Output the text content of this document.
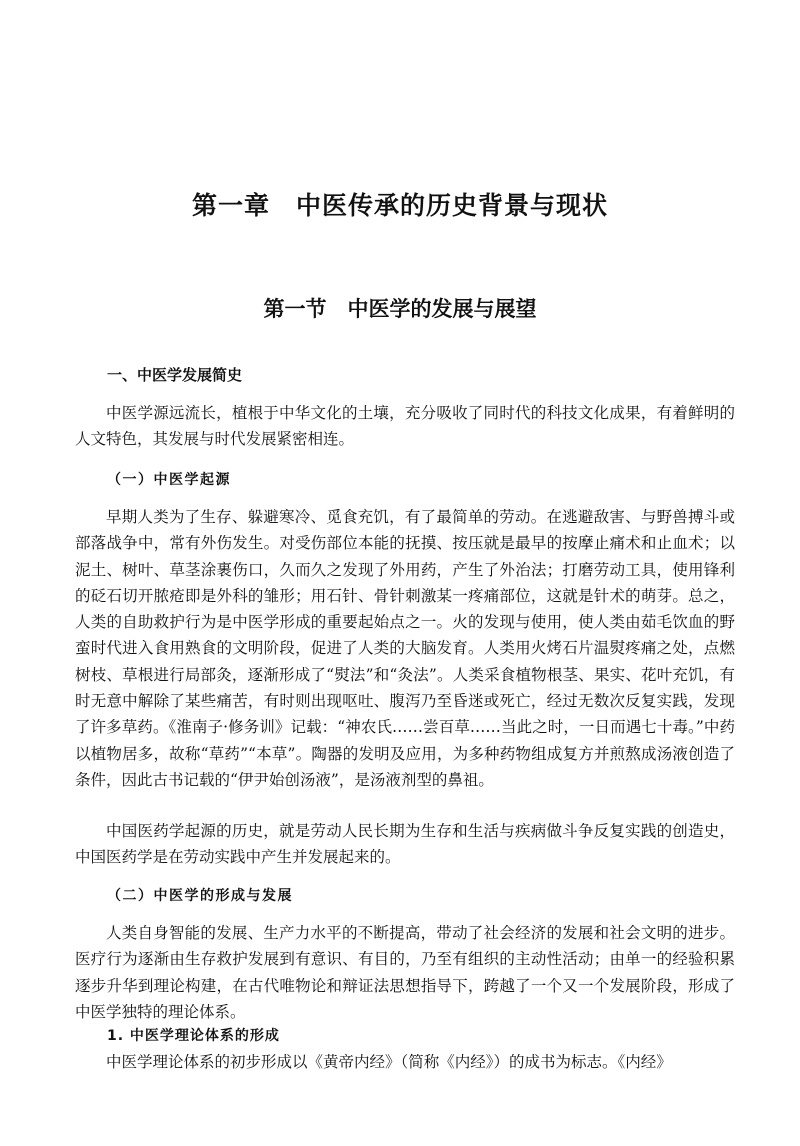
第一章　中医传承的历史背景与现状
第一节　中医学的发展与展望
一、中医学发展简史

中医学源远流长，植根于中华文化的土壤，充分吸收了同时代的科技文化成果，有着鲜明的人文特色，其发展与时代发展紧密相连。

（一）中医学起源

早期人类为了生存、躲避寒冷、觅食充饥，有了最简单的劳动。在逃避敌害、与野兽搏斗或部落战争中，常有外伤发生。对受伤部位本能的抚摸、按压就是最早的按摩止痛术和止血术；以泥土、树叶、草茎涂裹伤口，久而久之发现了外用药，产生了外治法；打磨劳动工具，使用锋利的砭石切开脓疮即是外科的雏形；用石针、骨针刺激某一疼痛部位，这就是针术的萌芽。总之，人类的自助救护行为是中医学形成的重要起始点之一。火的发现与使用，使人类由茹毛饮血的野蛮时代进入食用熟食的文明阶段，促进了人类的大脑发育。人类用火烤石片温熨疼痛之处，点燃树枝、草根进行局部灸，逐渐形成了“熨法”和“灸法”。人类采食植物根茎、果实、花叶充饥，有时无意中解除了某些痛苦，有时则出现呕吐、腹泻乃至昏迷或死亡，经过无数次反复实践，发现了许多草药。《淮南子·修务训》记载：“神农氏……尝百草……当此之时，一日而遇七十毒。”中药以植物居多，故称“草药”“本草”。陶器的发明及应用，为多种药物组成复方并煎熬成汤液创造了条件，因此古书记载的“伊尹始创汤液”，是汤液剂型的鼻祖。

中国医药学起源的历史，就是劳动人民长期为生存和生活与疾病做斗争反复实践的创造史，中国医药学是在劳动实践中产生并发展起来的。

（二）中医学的形成与发展

人类自身智能的发展、生产力水平的不断提高，带动了社会经济的发展和社会文明的进步。医疗行为逐渐由生存救护发展到有意识、有目的，乃至有组织的主动性活动；由单一的经验积累逐步升华到理论构建，在古代唯物论和辩证法思想指导下，跨越了一个又一个发展阶段，形成了中医学独特的理论体系。

1. 中医学理论体系的形成

中医学理论体系的初步形成以《黄帝内经》（简称《内经》）的成书为标志。《内经》
